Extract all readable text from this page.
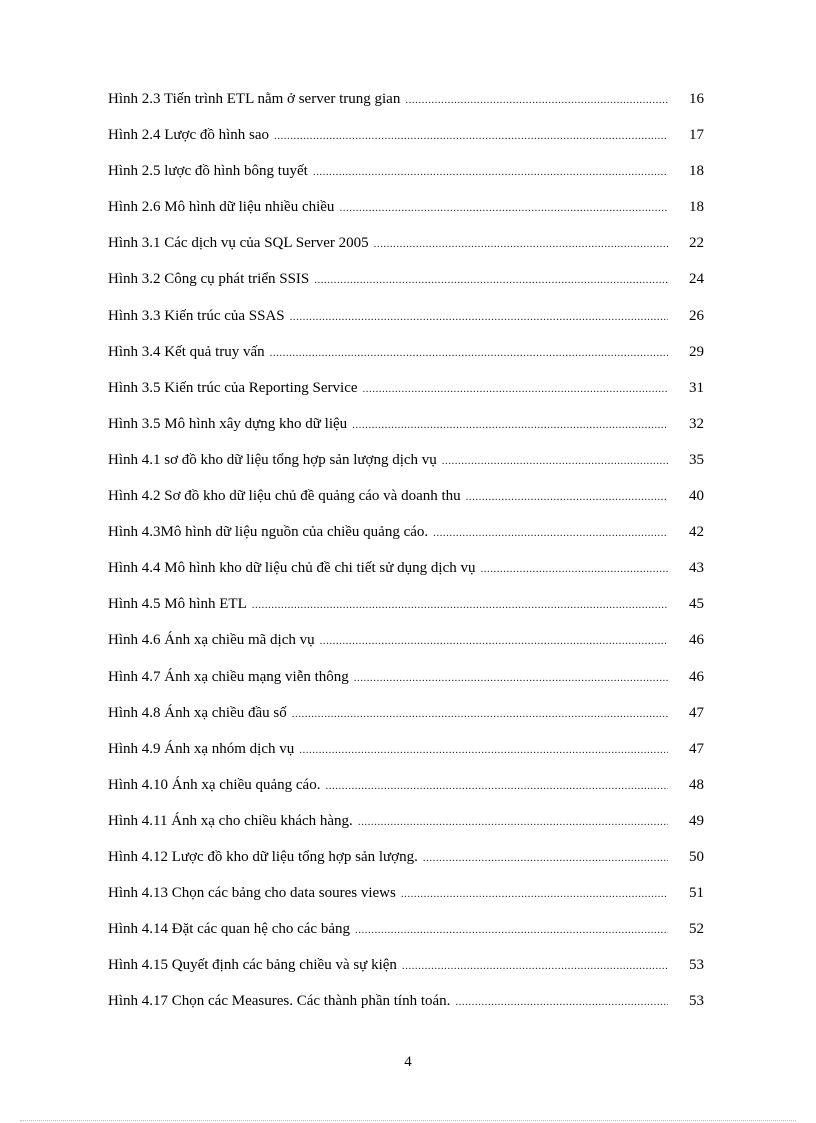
Hình 2.3 Tiến trình ETL nằm ở server trung gian .....	16
Hình 2.4 Lược đồ hình sao .....	17
Hình 2.5 lược đồ hình bông tuyết .....	18
Hình 2.6 Mô hình dữ liệu nhiều chiều .....	18
Hình 3.1 Các dịch vụ của SQL Server 2005 .....	22
Hình 3.2 Công cụ phát triển SSIS .....	24
Hình 3.3 Kiến trúc của SSAS .....	26
Hình 3.4 Kết quả truy vấn .....	29
Hình 3.5 Kiến trúc của Reporting Service .....	31
Hình 3.5 Mô hình xây dựng kho dữ liệu .....	32
Hình 4.1 sơ đồ kho dữ liệu tổng hợp sản lượng dịch vụ .....	35
Hình 4.2 Sơ đồ kho dữ liệu chủ đề quảng cáo và doanh thu .....	40
Hình 4.3Mô hình dữ liệu nguồn của chiều quảng cáo. .....	42
Hình 4.4 Mô hình kho dữ liệu chủ đề chi tiết sử dụng dịch vụ .....	43
Hình 4.5 Mô hình ETL .....	45
Hình 4.6 Ánh xạ chiều mã dịch vụ .....	46
Hình 4.7 Ánh xạ chiều mạng viễn thông .....	46
Hình 4.8 Ánh xạ chiều đầu số .....	47
Hình 4.9 Ánh xạ nhóm dịch vụ .....	47
Hình 4.10 Ánh xạ chiều quảng cáo. .....	48
Hình 4.11 Ánh xạ cho chiều khách hàng. .....	49
Hình 4.12 Lược đồ kho dữ liệu tổng hợp sản lượng. .....	50
Hình 4.13 Chọn các bảng cho data soures views .....	51
Hình 4.14 Đặt các quan hệ cho các bảng .....	52
Hình 4.15 Quyết định các bảng chiều và sự kiện .....	53
Hình 4.17 Chọn các Measures. Các thành phần tính toán. .....	53
4
